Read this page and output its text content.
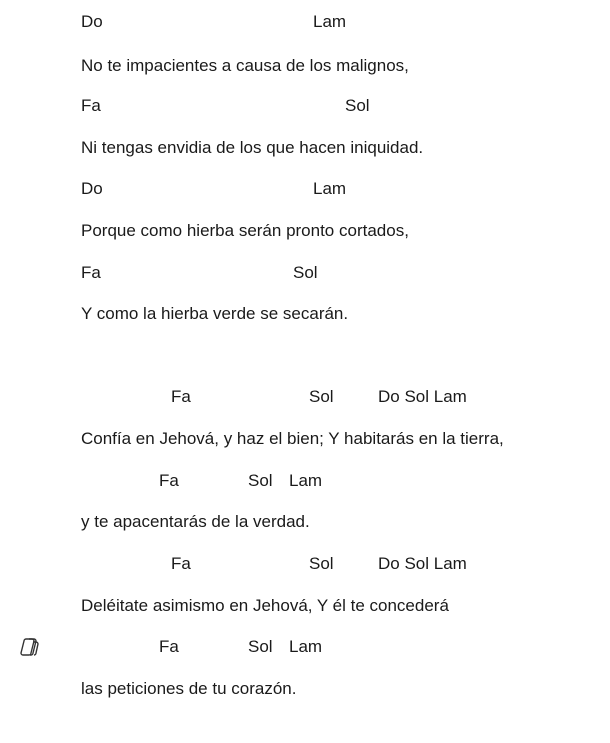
Do	Lam
No te impacientes a causa de los malignos,
Fa	Sol
Ni tengas envidia de los que hacen iniquidad.
Do	Lam
Porque como hierba serán pronto cortados,
Fa	Sol
Y como la hierba verde se secarán.
Fa	Sol	Do Sol Lam
Confía en Jehová, y haz el bien; Y habitarás en la tierra,
Fa	Sol Lam
y te apacentarás de la verdad.
Fa	Sol	Do Sol Lam
Deléitate asimismo en Jehová, Y él te concederá
Fa	Sol Lam
las peticiones de tu corazón.
